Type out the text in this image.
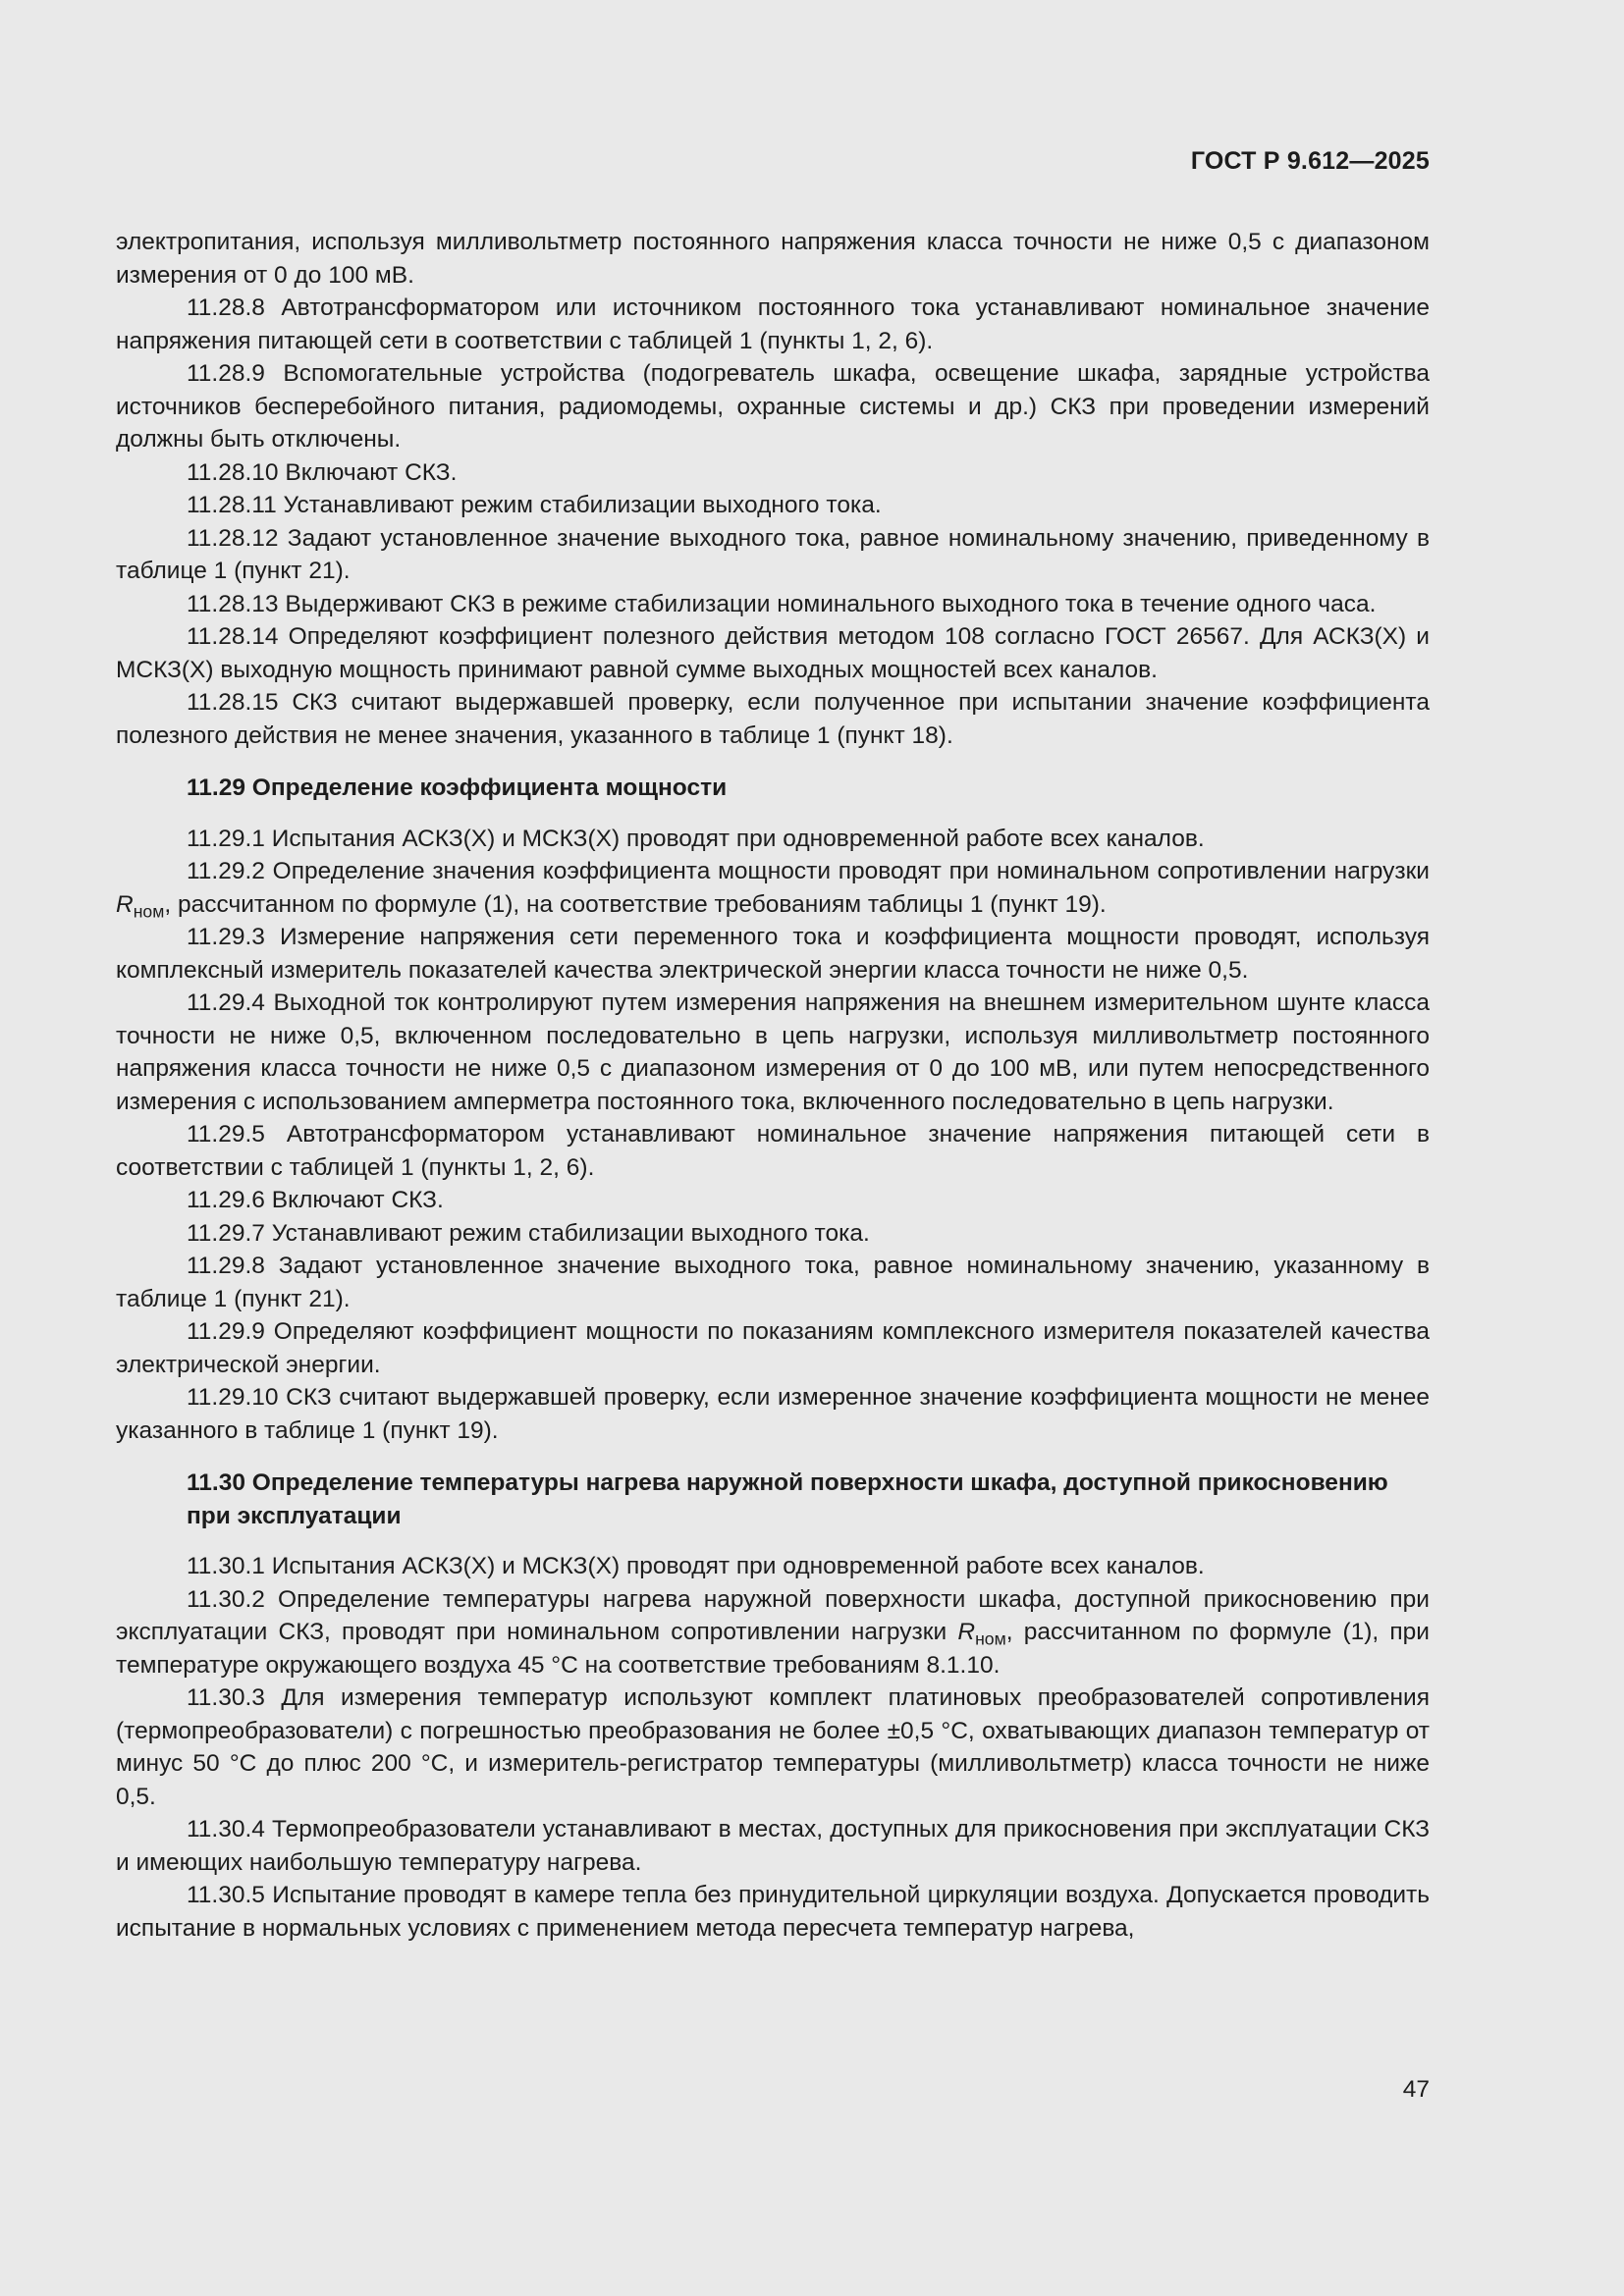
ГОСТ Р 9.612—2025

электропитания, используя милливольтметр постоянного напряжения класса точности не ниже 0,5 с диапазоном измерения от 0 до 100 мВ.

11.28.8 Автотрансформатором или источником постоянного тока устанавливают номинальное значение напряжения питающей сети в соответствии с таблицей 1 (пункты 1, 2, 6).

11.28.9 Вспомогательные устройства (подогреватель шкафа, освещение шкафа, зарядные устройства источников бесперебойного питания, радиомодемы, охранные системы и др.) СКЗ при проведении измерений должны быть отключены.

11.28.10 Включают СКЗ.

11.28.11 Устанавливают режим стабилизации выходного тока.

11.28.12 Задают установленное значение выходного тока, равное номинальному значению, приведенному в таблице 1 (пункт 21).

11.28.13 Выдерживают СКЗ в режиме стабилизации номинального выходного тока в течение одного часа.

11.28.14 Определяют коэффициент полезного действия методом 108 согласно ГОСТ 26567. Для АСКЗ(Х) и МСКЗ(Х) выходную мощность принимают равной сумме выходных мощностей всех каналов.

11.28.15 СКЗ считают выдержавшей проверку, если полученное при испытании значение коэффициента полезного действия не менее значения, указанного в таблице 1 (пункт 18).

11.29 Определение коэффициента мощности

11.29.1 Испытания АСКЗ(Х) и МСКЗ(Х) проводят при одновременной работе всех каналов.

11.29.2 Определение значения коэффициента мощности проводят при номинальном сопротивлении нагрузки $R_{ном}$, рассчитанном по формуле (1), на соответствие требованиям таблицы 1 (пункт 19).

11.29.3 Измерение напряжения сети переменного тока и коэффициента мощности проводят, используя комплексный измеритель показателей качества электрической энергии класса точности не ниже 0,5.

11.29.4 Выходной ток контролируют путем измерения напряжения на внешнем измерительном шунте класса точности не ниже 0,5, включенном последовательно в цепь нагрузки, используя милливольтметр постоянного напряжения класса точности не ниже 0,5 с диапазоном измерения от 0 до 100 мВ, или путем непосредственного измерения с использованием амперметра постоянного тока, включенного последовательно в цепь нагрузки.

11.29.5 Автотрансформатором устанавливают номинальное значение напряжения питающей сети в соответствии с таблицей 1 (пункты 1, 2, 6).

11.29.6 Включают СКЗ.

11.29.7 Устанавливают режим стабилизации выходного тока.

11.29.8 Задают установленное значение выходного тока, равное номинальному значению, указанному в таблице 1 (пункт 21).

11.29.9 Определяют коэффициент мощности по показаниям комплексного измерителя показателей качества электрической энергии.

11.29.10 СКЗ считают выдержавшей проверку, если измеренное значение коэффициента мощности не менее указанного в таблице 1 (пункт 19).

11.30 Определение температуры нагрева наружной поверхности шкафа, доступной прикосновению при эксплуатации

11.30.1 Испытания АСКЗ(Х) и МСКЗ(Х) проводят при одновременной работе всех каналов.

11.30.2 Определение температуры нагрева наружной поверхности шкафа, доступной прикосновению при эксплуатации СКЗ, проводят при номинальном сопротивлении нагрузки $R_{ном}$, рассчитанном по формуле (1), при температуре окружающего воздуха 45 °С на соответствие требованиям 8.1.10.

11.30.3 Для измерения температур используют комплект платиновых преобразователей сопротивления (термопреобразователи) с погрешностью преобразования не более ±0,5 °С, охватывающих диапазон температур от минус 50 °С до плюс 200 °С, и измеритель-регистратор температуры (милливольтметр) класса точности не ниже 0,5.

11.30.4 Термопреобразователи устанавливают в местах, доступных для прикосновения при эксплуатации СКЗ и имеющих наибольшую температуру нагрева.

11.30.5 Испытание проводят в камере тепла без принудительной циркуляции воздуха. Допускается проводить испытание в нормальных условиях с применением метода пересчета температур нагрева,

47
